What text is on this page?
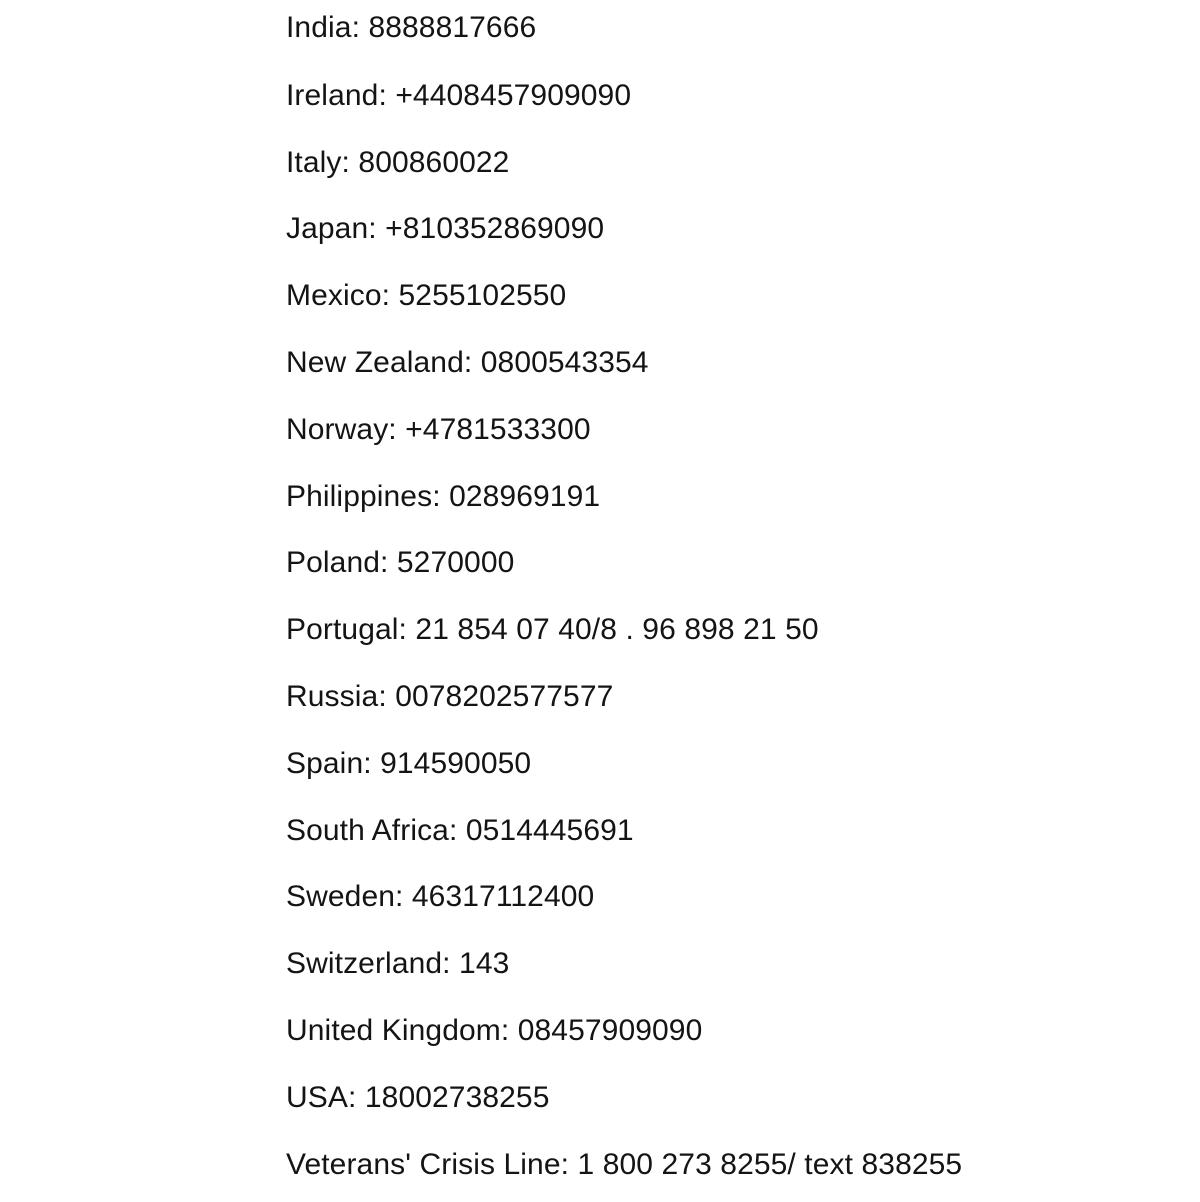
India: 8888817666
Ireland: +4408457909090
Italy: 800860022
Japan: +810352869090
Mexico: 5255102550
New Zealand: 0800543354
Norway: +4781533300
Philippines: 028969191
Poland: 5270000
Portugal: 21 854 07 40/8 . 96 898 21 50
Russia: 0078202577577
Spain: 914590050
South Africa: 0514445691
Sweden: 46317112400
Switzerland: 143
United Kingdom: 08457909090
USA: 18002738255
Veterans' Crisis Line: 1 800 273 8255/ text 838255
